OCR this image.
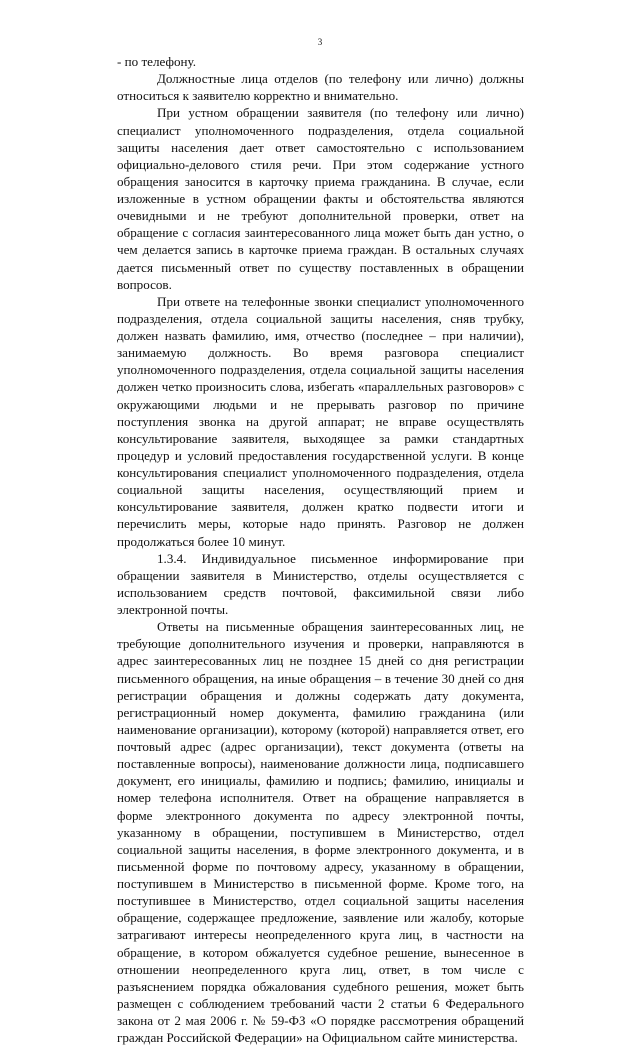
3

- по телефону.

Должностные лица отделов (по телефону или лично) должны относиться к заявителю корректно и внимательно.

При устном обращении заявителя (по телефону или лично) специалист уполномоченного подразделения, отдела социальной защиты населения дает ответ самостоятельно с использованием официально-делового стиля речи. При этом содержание устного обращения заносится в карточку приема гражданина. В случае, если изложенные в устном обращении факты и обстоятельства являются очевидными и не требуют дополнительной проверки, ответ на обращение с согласия заинтересованного лица может быть дан устно, о чем делается запись в карточке приема граждан. В остальных случаях дается письменный ответ по существу поставленных в обращении вопросов.

При ответе на телефонные звонки специалист уполномоченного подразделения, отдела социальной защиты населения, сняв трубку, должен назвать фамилию, имя, отчество (последнее – при наличии), занимаемую должность. Во время разговора специалист уполномоченного подразделения, отдела социальной защиты населения должен четко произносить слова, избегать «параллельных разговоров» с окружающими людьми и не прерывать разговор по причине поступления звонка на другой аппарат; не вправе осуществлять консультирование заявителя, выходящее за рамки стандартных процедур и условий предоставления государственной услуги. В конце консультирования специалист уполномоченного подразделения, отдела социальной защиты населения, осуществляющий прием и консультирование заявителя, должен кратко подвести итоги и перечислить меры, которые надо принять. Разговор не должен продолжаться более 10 минут.

1.3.4. Индивидуальное письменное информирование при обращении заявителя в Министерство, отделы осуществляется с использованием средств почтовой, факсимильной связи либо электронной почты.

Ответы на письменные обращения заинтересованных лиц, не требующие дополнительного изучения и проверки, направляются в адрес заинтересованных лиц не позднее 15 дней со дня регистрации письменного обращения, на иные обращения – в течение 30 дней со дня регистрации обращения и должны содержать дату документа, регистрационный номер документа, фамилию гражданина (или наименование организации), которому (которой) направляется ответ, его почтовый адрес (адрес организации), текст документа (ответы на поставленные вопросы), наименование должности лица, подписавшего документ, его инициалы, фамилию и подпись; фамилию, инициалы и номер телефона исполнителя. Ответ на обращение направляется в форме электронного документа по адресу электронной почты, указанному в обращении, поступившем в Министерство, отдел социальной защиты населения, в форме электронного документа, и в письменной форме по почтовому адресу, указанному в обращении, поступившем в Министерство в письменной форме. Кроме того, на поступившее в Министерство, отдел социальной защиты населения обращение, содержащее предложение, заявление или жалобу, которые затрагивают интересы неопределенного круга лиц, в частности на обращение, в котором обжалуется судебное решение, вынесенное в отношении неопределенного круга лиц, ответ, в том числе с разъяснением порядка обжалования судебного решения, может быть размещен с соблюдением требований части 2 статьи 6 Федерального закона от 2 мая 2006 г. № 59-ФЗ «О порядке рассмотрения обращений граждан Российской Федерации» на Официальном сайте министерства.
